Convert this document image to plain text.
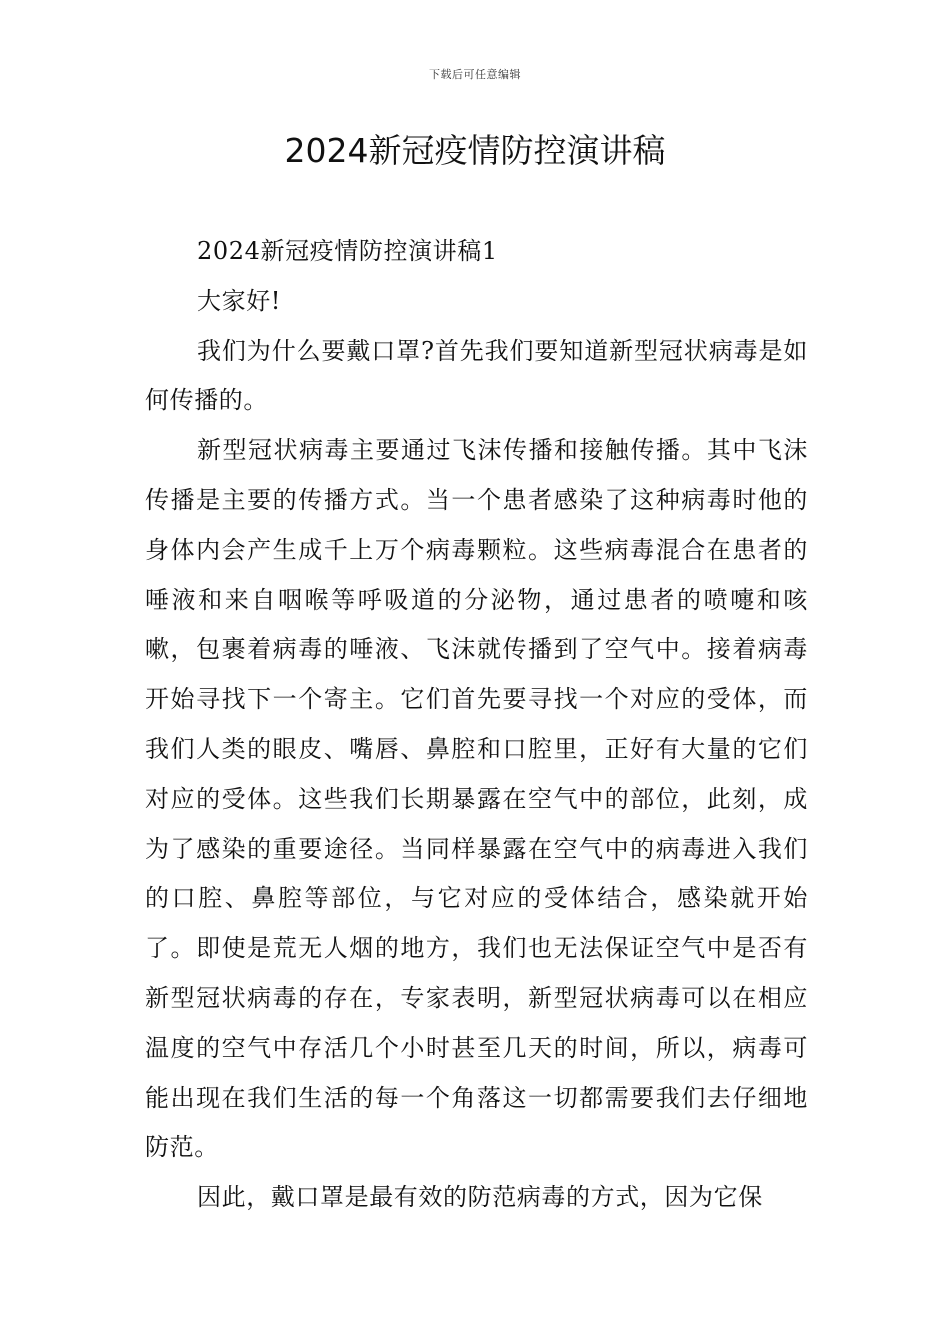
下载后可任意编辑
2024新冠疫情防控演讲稿

2024新冠疫情防控演讲稿1

大家好!

我们为什么要戴口罩?首先我们要知道新型冠状病毒是如何传播的。

新型冠状病毒主要通过飞沫传播和接触传播。其中飞沫传播是主要的传播方式。当一个患者感染了这种病毒时他的身体内会产生成千上万个病毒颗粒。这些病毒混合在患者的唾液和来自咽喉等呼吸道的分泌物，通过患者的喷嚏和咳嗽，包裹着病毒的唾液、飞沫就传播到了空气中。接着病毒开始寻找下一个寄主。它们首先要寻找一个对应的受体，而我们人类的眼皮、嘴唇、鼻腔和口腔里，正好有大量的它们对应的受体。这些我们长期暴露在空气中的部位，此刻，成为了感染的重要途径。当同样暴露在空气中的病毒进入我们的口腔、鼻腔等部位，与它对应的受体结合，感染就开始了。即使是荒无人烟的地方，我们也无法保证空气中是否有新型冠状病毒的存在，专家表明，新型冠状病毒可以在相应温度的空气中存活几个小时甚至几天的时间，所以，病毒可能出现在我们生活的每一个角落这一切都需要我们去仔细地防范。

因此，戴口罩是最有效的防范病毒的方式，因为它保
